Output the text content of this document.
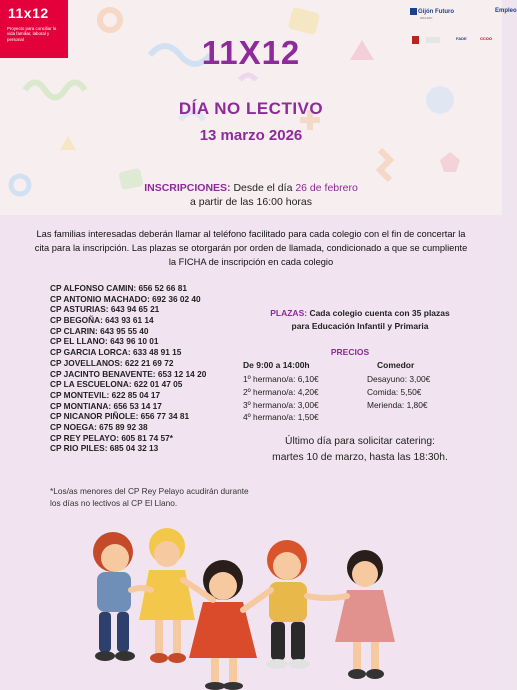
11x12
Proyecto para conciliar la vida familiar, laboral y personal
Gijón Futuro
2019-2027
Empleo
FADE	CCOO
11X12
DÍA NO LECTIVO
13 marzo 2026
INSCRIPCIONES: Desde el día 26 de febrero
a partir de las 16:00 horas
Las familias interesadas deberán llamar al teléfono facilitado para cada colegio con el fin de concertar la cita para la inscripción. Las plazas se otorgarán por orden de llamada, condicionado a que se cumpliente la FICHA de inscripción en cada colegio
CP ALFONSO CAMIN: 656 52 66 81
CP ANTONIO MACHADO: 692 36 02 40
CP ASTURIAS: 643 94 65 21
CP BEGOÑA: 643 93 61 14
CP CLARIN: 643 95 55 40
CP EL LLANO: 643 96 10 01
CP GARCIA LORCA: 633 48 91 15
CP JOVELLANOS: 622 21 69 72
CP JACINTO BENAVENTE: 653 12 14 20
CP LA ESCUELONA: 622 01 47 05
CP MONTEVIL: 622 85 04 17
CP MONTIANA: 656 53 14 17
CP NICANOR PIÑOLE: 656 77 34 81
CP NOEGA: 675 89 92 38
CP REY PELAYO: 605 81 74 57*
CP RIO PILES: 685 04 32 13
*Los/as menores del CP Rey Pelayo acudirán durante los días no lectivos al CP El Llano.
PLAZAS: Cada colegio cuenta con 35 plazas
para Educación Infantil y Primaria
PRECIOS
De 9:00 a 14:00h
1º hermano/a: 6,10€
2º hermano/a: 4,20€
3º hermano/a: 3,00€
4º hermano/a: 1,50€
Comedor
Desayuno: 3,00€
Comida: 5,50€
Merienda: 1,80€
Último día para solicitar catering:
martes 10 de marzo, hasta las 18:30h.
